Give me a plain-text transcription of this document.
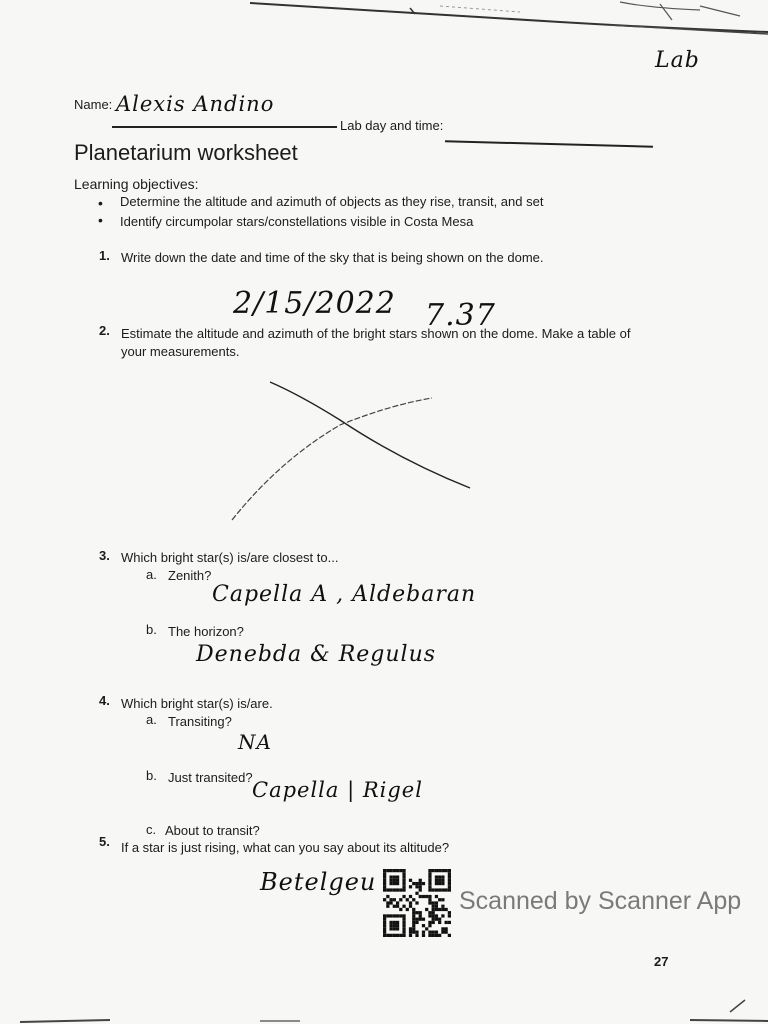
Lab
Name: Alexis Andino
Lab day and time:
Planetarium worksheet
Learning objectives:
• Determine the altitude and azimuth of objects as they rise, transit, and set
• Identify circumpolar stars/constellations visible in Costa Mesa
1. Write down the date and time of the sky that is being shown on the dome.
2/15/2022 7.37
2. Estimate the altitude and azimuth of the bright stars shown on the dome. Make a table of
your measurements.
3. Which bright star(s) is/are closest to...
a. Zenith?
Capella A , Aldebaran
b. The horizon?
Denebda & Regulus
4. Which bright star(s) is/are.
a. Transiting?
NA
b. Just transited?
Capella | Rigel
c. About to transit?
5. If a star is just rising, what can you say about its altitude?
Betelgeu
Scanned by Scanner App
27
